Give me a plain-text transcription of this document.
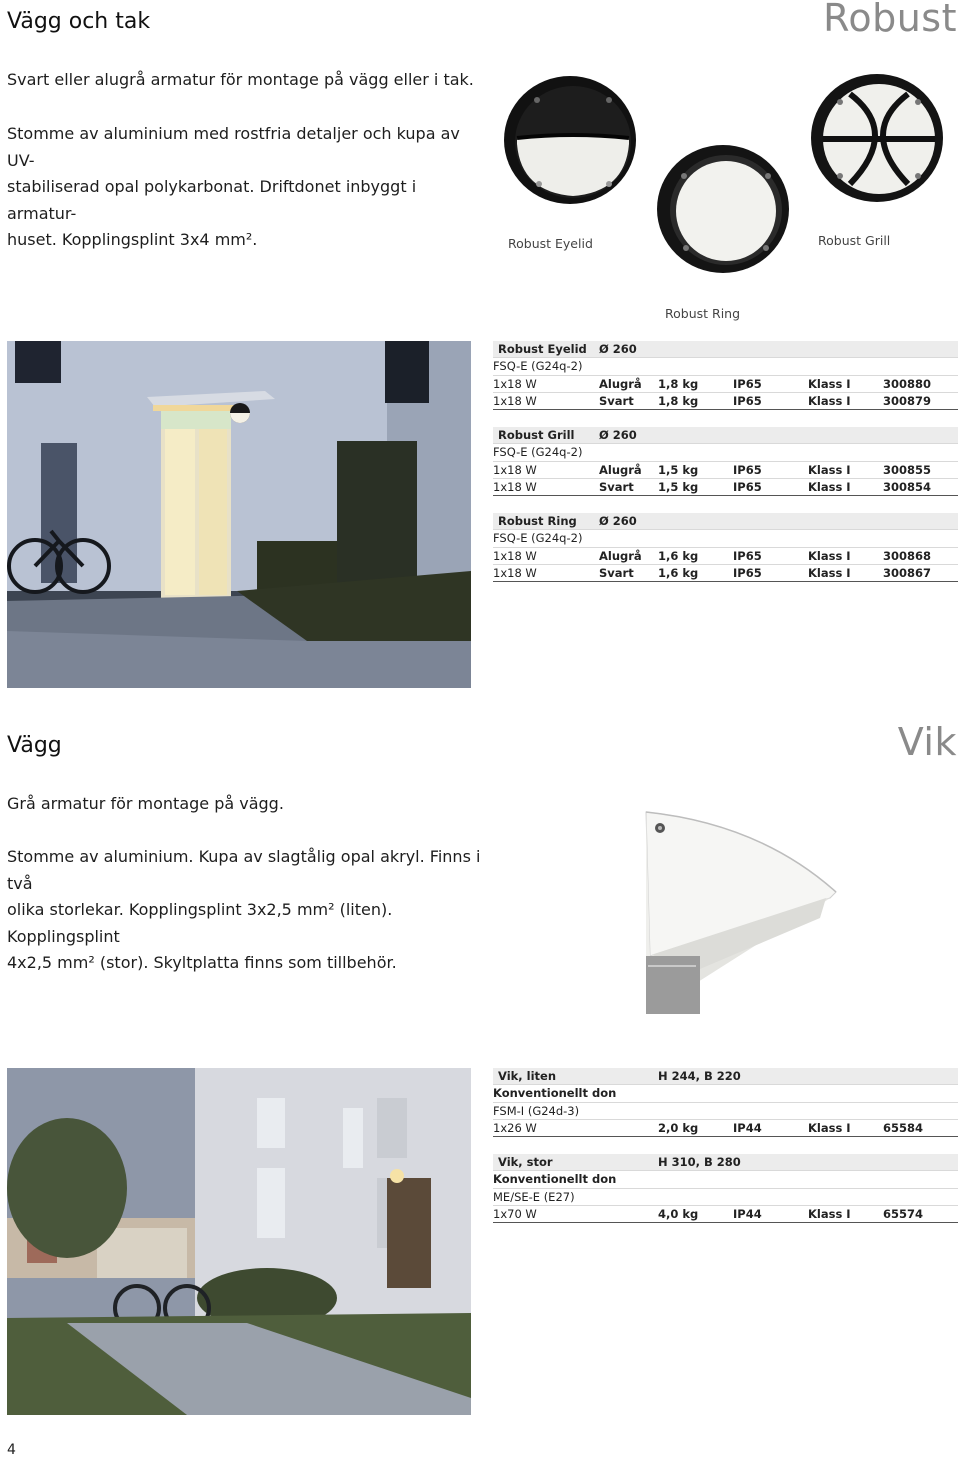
Vägg och tak	Robust
Svart eller alugrå armatur för montage på vägg eller i tak.
Stomme av aluminium med rostfria detaljer och kupa av UV-
stabiliserad opal polykarbonat. Driftdonet inbyggt i armatur-
huset. Kopplingsplint 3x4 mm².	Robust Eyelid	Robust Grill
Robust Ring
Robust Eyelid Ø 260
FSQ-E (G24q-2)
1x18 W	Alugrå 1,8 kg	IP65	Klass I	300880
1x18 W	Svart 1,8 kg	IP65	Klass I	300879
Robust Grill Ø 260
FSQ-E (G24q-2)
1x18 W	Alugrå 1,5 kg	IP65	Klass I	300855
1x18 W	Svart 1,5 kg	IP65	Klass I	300854
Robust Ring Ø 260
FSQ-E (G24q-2)
1x18 W	Alugrå 1,6 kg	IP65	Klass I	300868
1x18 W	Svart 1,6 kg	IP65	Klass I	300867
Vägg	Vik
Grå armatur för montage på vägg.
Stomme av aluminium. Kupa av slagtålig opal akryl. Finns i två
olika storlekar. Kopplingsplint 3x2,5 mm² (liten). Kopplingsplint
4x2,5 mm² (stor). Skyltplatta finns som tillbehör.
Vik, liten	H 244, B 220
Konventionellt don
FSM-I (G24d-3)
1x26 W	2,0 kg	IP44	Klass I	65584
Vik, stor	H 310, B 280
Konventionellt don
ME/SE-E (E27)
1x70 W	4,0 kg	IP44	Klass I	65574
4
